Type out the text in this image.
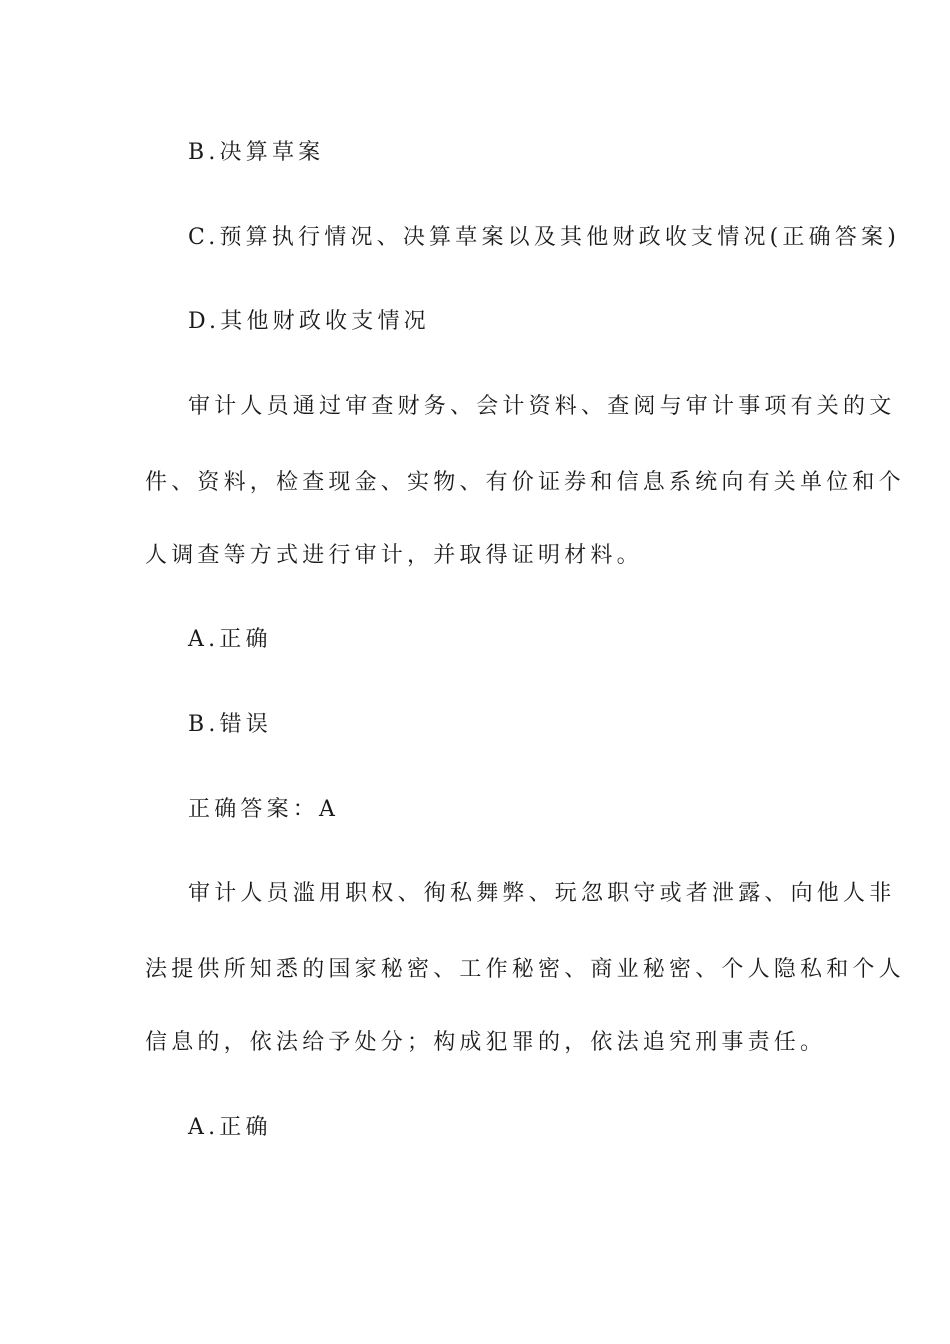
B.决算草案
C.预算执行情况、决算草案以及其他财政收支情况(正确答案)
D.其他财政收支情况
审计人员通过审查财务、会计资料、查阅与审计事项有关的文
件、资料，检查现金、实物、有价证券和信息系统向有关单位和个
人调查等方式进行审计，并取得证明材料。
A.正确
B.错误
正确答案：A
审计人员滥用职权、徇私舞弊、玩忽职守或者泄露、向他人非
法提供所知悉的国家秘密、工作秘密、商业秘密、个人隐私和个人
信息的，依法给予处分；构成犯罪的，依法追究刑事责任。
A.正确
